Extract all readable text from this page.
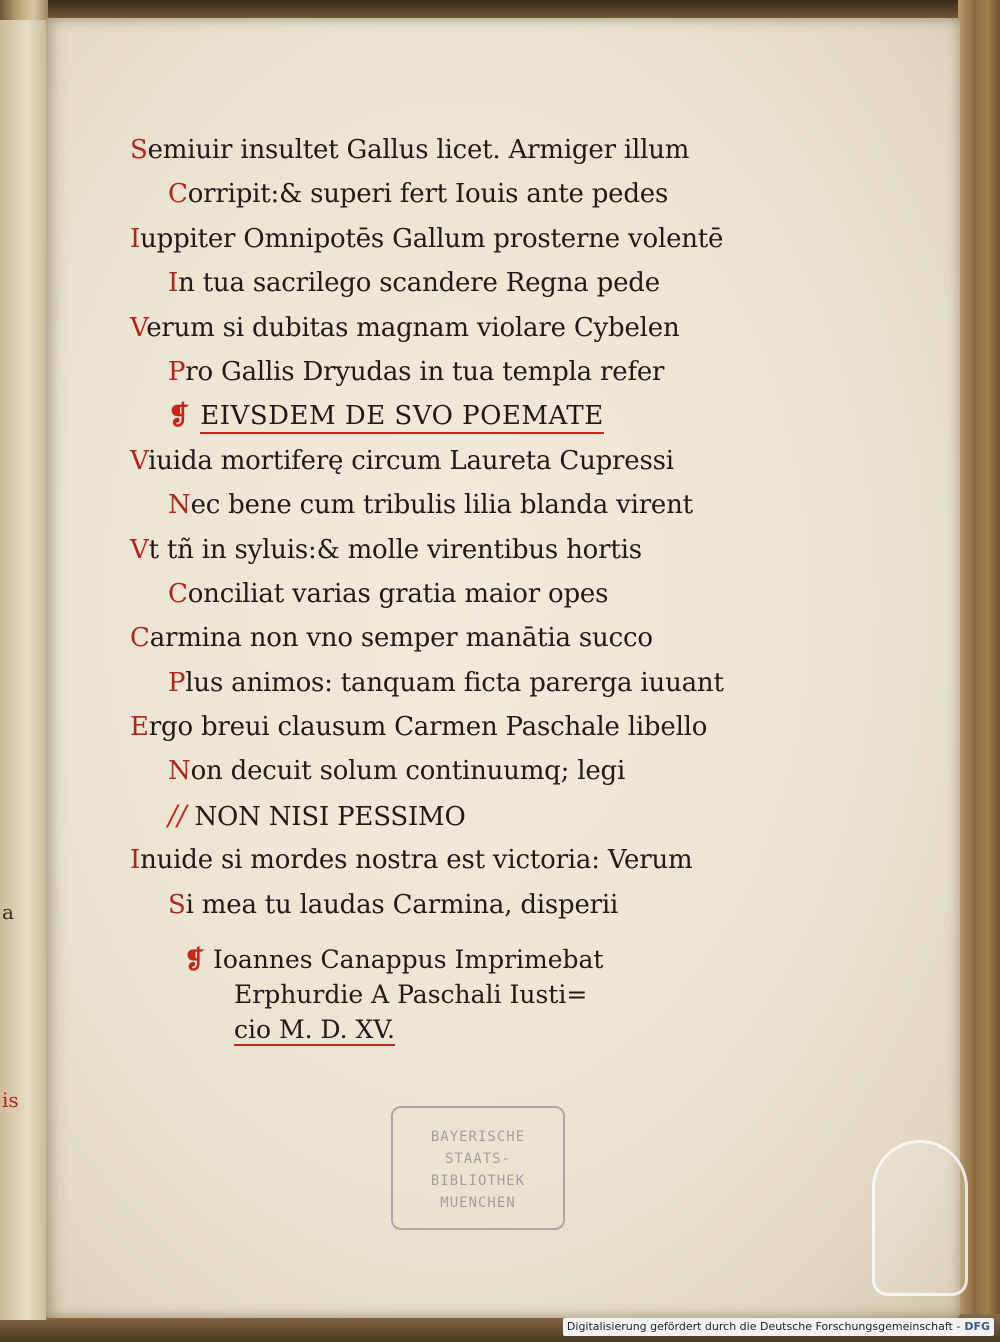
a
is
Semiuir insultet Gallus licet. Armiger illum
Corripit:& superi fert Iouis ante pedes
Iuppiter Omnipotēs Gallum prosterne volentē
In tua sacrilego scandere Regna pede
Verum si dubitas magnam violare Cybelen
Pro Gallis Dryudas in tua templa refer
❡ EIVSDEM DE SVO POEMATE
Viuida mortiferę circum Laureta Cupressi
Nec bene cum tribulis lilia blanda virent
Vt tñ in syluis:& molle virentibus hortis
Conciliat varias gratia maior opes
Carmina non vno semper manātia succo
Plus animos: tanquam ficta parerga iuuant
Ergo breui clausum Carmen Paschale libello
Non decuit solum continuumq; legi
// NON NISI PESSIMO
Inuide si mordes nostra est victoria: Verum
Si mea tu laudas Carmina, disperii
❡ Ioannes Canappus Imprimebat
Erphurdie A Paschali Iusti=
cio M. D. XV.
BAYERISCHE
STAATS-
BIBLIOTHEK
MUENCHEN
Digitalisierung gefördert durch die Deutsche Forschungsgemeinschaft - DFG
